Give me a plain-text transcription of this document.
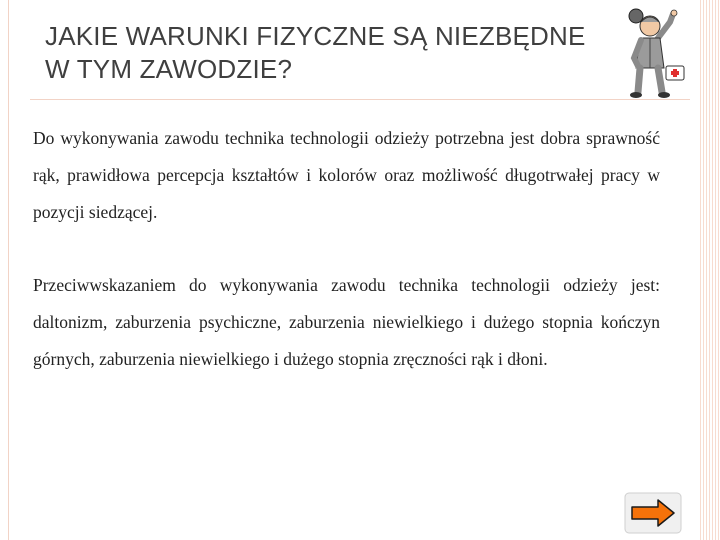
JAKIE WARUNKI FIZYCZNE SĄ NIEZBĘDNE
W TYM ZAWODZIE?

Do wykonywania zawodu technika technologii odzieży potrzebna jest dobra sprawność rąk, prawidłowa percepcja kształtów i kolorów oraz możliwość długotrwałej pracy w pozycji siedzącej.

Przeciwwskazaniem do wykonywania zawodu technika technologii odzieży jest: daltonizm, zaburzenia psychiczne, zaburzenia niewielkiego i dużego stopnia kończyn górnych, zaburzenia niewielkiego i dużego stopnia zręczności rąk i dłoni.
